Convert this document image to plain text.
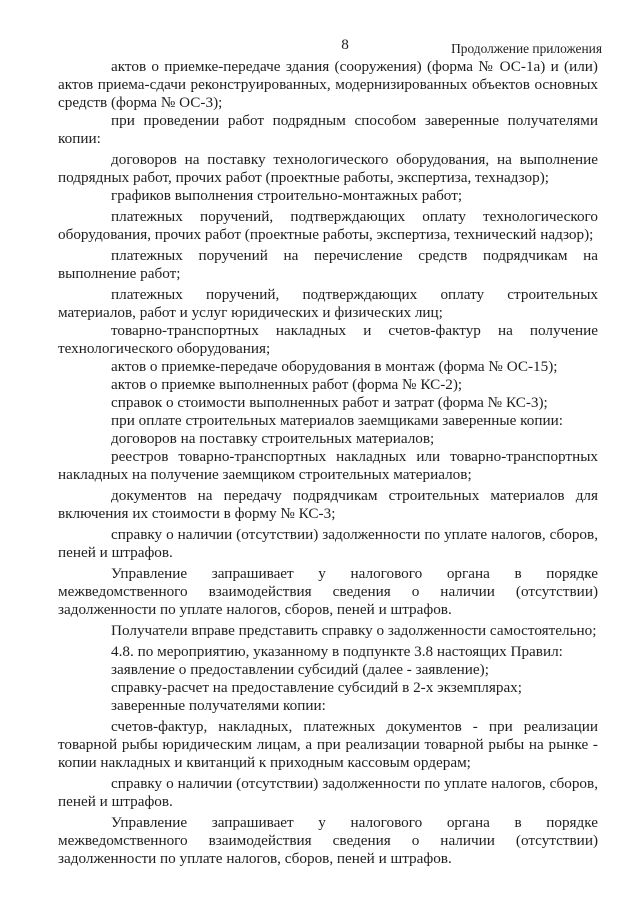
8	Продолжение приложения

актов о приемке-передаче здания (сооружения) (форма № ОС-1а) и (или) актов приема-сдачи реконструированных, модернизированных объектов основных средств (форма № ОС-3);

при проведении работ подрядным способом заверенные получателями копии:

договоров на поставку технологического оборудования, на выполнение подрядных работ, прочих работ (проектные работы, экспертиза, технадзор);

графиков выполнения строительно-монтажных работ;

платежных поручений, подтверждающих оплату технологического оборудования, прочих работ (проектные работы, экспертиза, технический надзор);

платежных поручений на перечисление средств подрядчикам на выполнение работ;

платежных поручений, подтверждающих оплату строительных материалов, работ и услуг юридических и физических лиц;

товарно-транспортных накладных и счетов-фактур на получение технологического оборудования;

актов о приемке-передаче оборудования в монтаж (форма № ОС-15);

актов о приемке выполненных работ (форма № КС-2);

справок о стоимости выполненных работ и затрат (форма № КС-3);

при оплате строительных материалов заемщиками заверенные копии:

договоров на поставку строительных материалов;

реестров товарно-транспортных накладных или товарно-транспортных накладных на получение заемщиком строительных материалов;

документов на передачу подрядчикам строительных материалов для включения их стоимости в форму № КС-3;

справку о наличии (отсутствии) задолженности по уплате налогов, сборов, пеней и штрафов.

Управление запрашивает у налогового органа в порядке межведомственного взаимодействия сведения о наличии (отсутствии) задолженности по уплате налогов, сборов, пеней и штрафов.

Получатели вправе представить справку о задолженности самостоятельно;

4.8. по мероприятию, указанному в подпункте 3.8 настоящих Правил:

заявление о предоставлении субсидий (далее - заявление);

справку-расчет на предоставление субсидий в 2-х экземплярах;

заверенные получателями копии:

счетов-фактур, накладных, платежных документов - при реализации товарной рыбы юридическим лицам, а при реализации товарной рыбы на рынке - копии накладных и квитанций к приходным кассовым ордерам;

справку о наличии (отсутствии) задолженности по уплате налогов, сборов, пеней и штрафов.

Управление запрашивает у налогового органа в порядке межведомственного взаимодействия сведения о наличии (отсутствии) задолженности по уплате налогов, сборов, пеней и штрафов.
